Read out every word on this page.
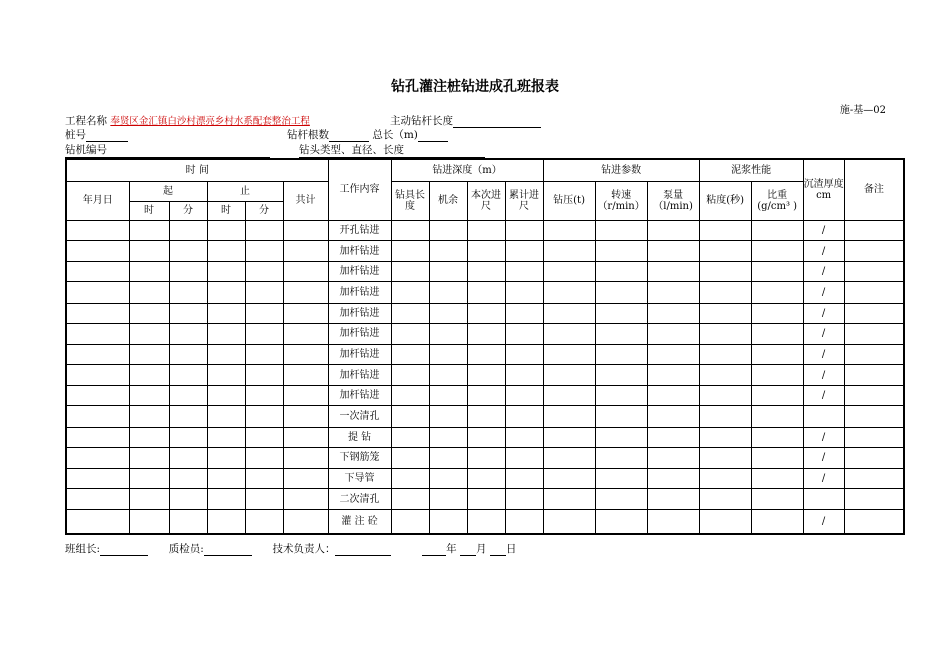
钻孔灌注桩钻进成孔班报表
施-基—02
工程名称 奉贤区金汇镇白沙村漂亮乡村水系配套整治工程	主动钻杆长度
桩号	钻杆根数	总长（m)
钻机编号	钻头类型、直径、长度
时 间						工作内容	钻进深度（m）				钻进参数			泥浆性能		沉渣厚度cm	备注
年月日	起		止		共计		钻具长度	机余	本次进尺	累计进尺	钻压(t)	转速（r/min）	泵量（l/min)	粘度(秒)	比重(g/cm³ )		
	时	分	时	分													
						开孔钻进										/	
						加杆钻进										/	
						加杆钻进										/	
						加杆钻进										/	
						加杆钻进										/	
						加杆钻进										/	
						加杆钻进										/	
						加杆钻进										/	
						加杆钻进										/	
						一次清孔											
						提 钻										/	
						下钢筋笼										/	
						下导管										/	
						二次清孔											
						灌 注 砼										/	
班组长:	质检员:	技术负责人：	年 月 日
